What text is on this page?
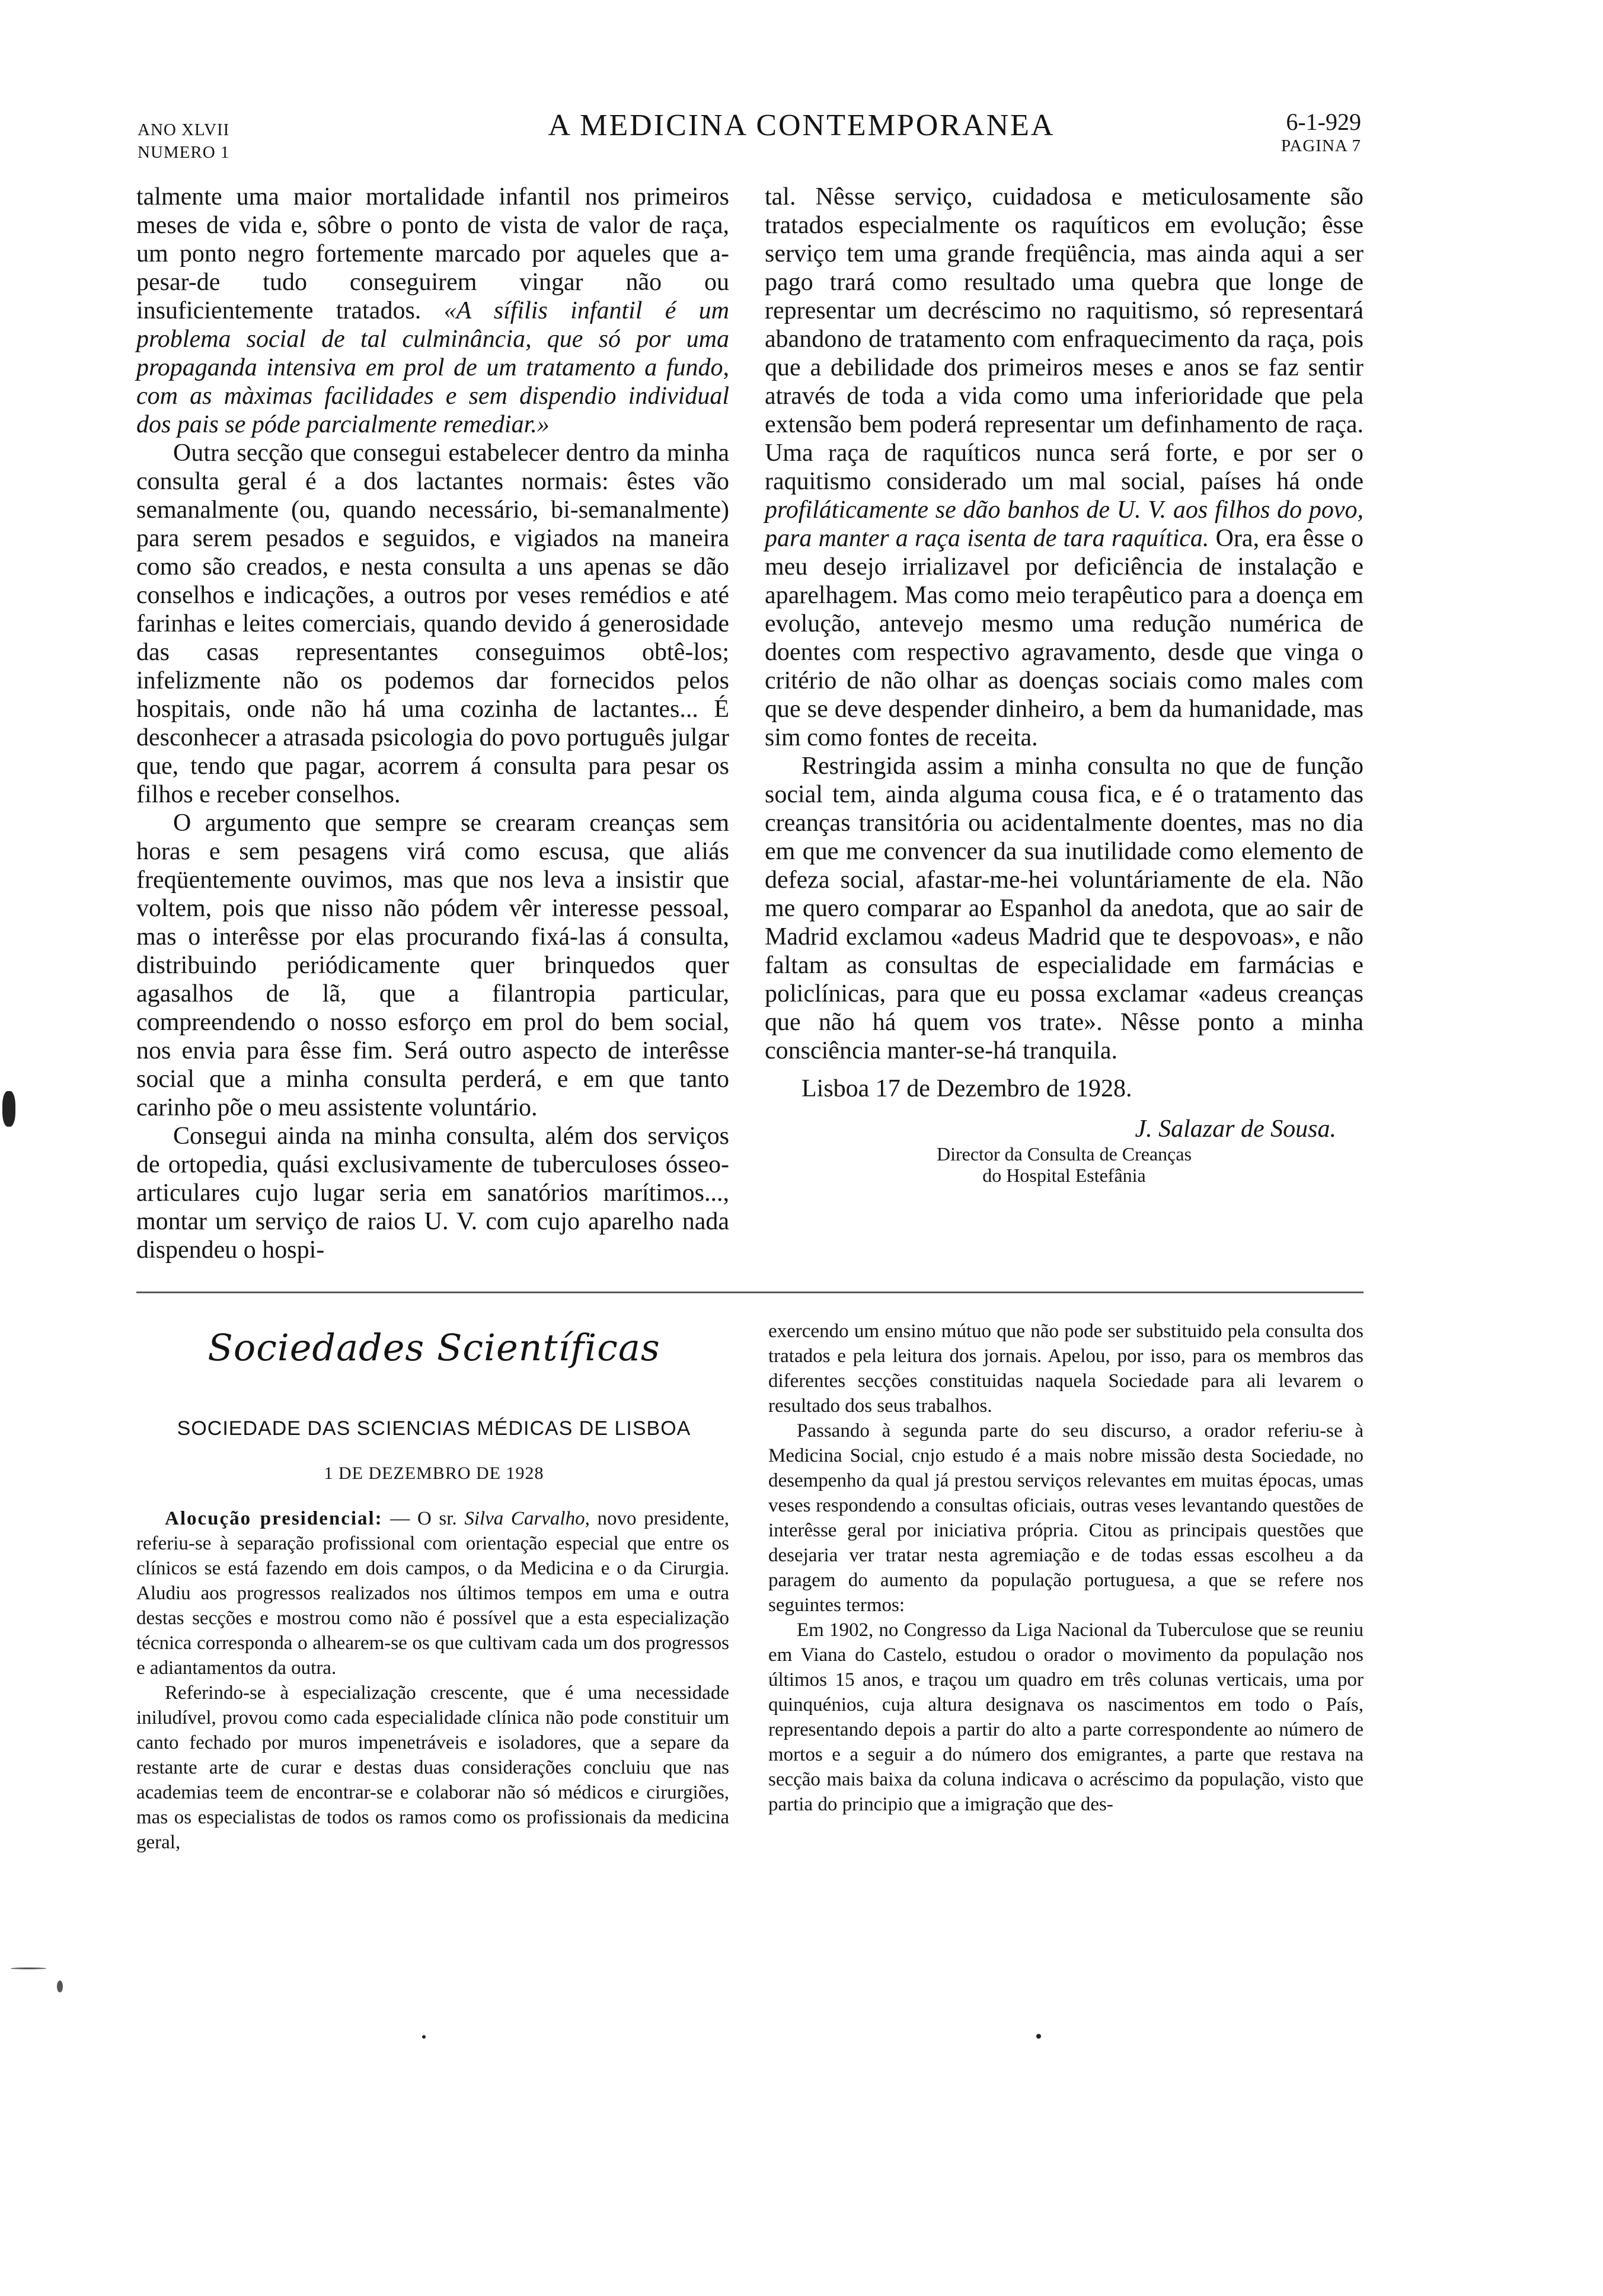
ANO XLVII
NUMERO 1
A MEDICINA CONTEMPORANEA	6-1-929
PAGINA 7

talmente uma maior mortalidade infantil nos primeiros meses de vida e, sôbre o ponto de vista de valor de raça, um ponto negro fortemente marcado por aqueles que a-pesar-de tudo conseguirem vingar não ou insuficientemente tratados. «A sífilis infantil é um problema social de tal culminância, que só por uma propaganda intensiva em prol de um tratamento a fundo, com as màximas facilidades e sem dispendio individual dos pais se póde parcialmente remediar.»

Outra secção que consegui estabelecer dentro da minha consulta geral é a dos lactantes normais: êstes vão semanalmente (ou, quando necessário, bi-semanalmente) para serem pesados e seguidos, e vigiados na maneira como são creados, e nesta consulta a uns apenas se dão conselhos e indicações, a outros por veses remédios e até farinhas e leites comerciais, quando devido á generosidade das casas representantes conseguimos obtê-los; infelizmente não os podemos dar fornecidos pelos hospitais, onde não há uma cozinha de lactantes... É desconhecer a atrasada psicologia do povo português julgar que, tendo que pagar, acorrem á consulta para pesar os filhos e receber conselhos.

O argumento que sempre se crearam creanças sem horas e sem pesagens virá como escusa, que aliás freqüentemente ouvimos, mas que nos leva a insistir que voltem, pois que nisso não pódem vêr interesse pessoal, mas o interêsse por elas procurando fixá-las á consulta, distribuindo periódicamente quer brinquedos quer agasalhos de lã, que a filantropia particular, compreendendo o nosso esforço em prol do bem social, nos envia para êsse fim. Será outro aspecto de interêsse social que a minha consulta perderá, e em que tanto carinho põe o meu assistente voluntário.

Consegui ainda na minha consulta, além dos serviços de ortopedia, quási exclusivamente de tuberculoses ósseo-articulares cujo lugar seria em sanatórios marítimos..., montar um serviço de raios U. V. com cujo aparelho nada dispendeu o hospi-

tal. Nêsse serviço, cuidadosa e meticulosamente são tratados especialmente os raquíticos em evolução; êsse serviço tem uma grande freqüência, mas ainda aqui a ser pago trará como resultado uma quebra que longe de representar um decréscimo no raquitismo, só representará abandono de tratamento com enfraquecimento da raça, pois que a debilidade dos primeiros meses e anos se faz sentir através de toda a vida como uma inferioridade que pela extensão bem poderá representar um definhamento de raça. Uma raça de raquíticos nunca será forte, e por ser o raquitismo considerado um mal social, países há onde profiláticamente se dão banhos de U. V. aos filhos do povo, para manter a raça isenta de tara raquítica. Ora, era êsse o meu desejo irrializavel por deficiência de instalação e aparelhagem. Mas como meio terapêutico para a doença em evolução, antevejo mesmo uma redução numérica de doentes com respectivo agravamento, desde que vinga o critério de não olhar as doenças sociais como males com que se deve despender dinheiro, a bem da humanidade, mas sim como fontes de receita.

Restringida assim a minha consulta no que de função social tem, ainda alguma cousa fica, e é o tratamento das creanças transitória ou acidentalmente doentes, mas no dia em que me convencer da sua inutilidade como elemento de defeza social, afastar-me-hei voluntáriamente de ela. Não me quero comparar ao Espanhol da anedota, que ao sair de Madrid exclamou «adeus Madrid que te despovoas», e não faltam as consultas de especialidade em farmácias e policlínicas, para que eu possa exclamar «adeus creanças que não há quem vos trate». Nêsse ponto a minha consciência manter-se-há tranquila.

Lisboa 17 de Dezembro de 1928.

J. Salazar de Sousa.

Director da Consulta de Creanças

do Hospital Estefânia

Sociedades Scientíficas
SOCIEDADE DAS SCIENCIAS MÉDICAS DE LISBOA
1 DE DEZEMBRO DE 1928

Alocução presidencial: — O sr. Silva Carvalho, novo presidente, referiu-se à separação profissional com orientação especial que entre os clínicos se está fazendo em dois campos, o da Medicina e o da Cirurgia. Aludiu aos progressos realizados nos últimos tempos em uma e outra destas secções e mostrou como não é possível que a esta especialização técnica corresponda o alhearem-se os que cultivam cada um dos progressos e adiantamentos da outra.

Referindo-se à especialização crescente, que é uma necessidade iniludível, provou como cada especialidade clínica não pode constituir um canto fechado por muros impenetráveis e isoladores, que a separe da restante arte de curar e destas duas considerações concluiu que nas academias teem de encontrar-se e colaborar não só médicos e cirurgiões, mas os especialistas de todos os ramos como os profissionais da medicina geral,

exercendo um ensino mútuo que não pode ser substituido pela consulta dos tratados e pela leitura dos jornais. Apelou, por isso, para os membros das diferentes secções constituidas naquela Sociedade para ali levarem o resultado dos seus trabalhos.

Passando à segunda parte do seu discurso, a orador referiu-se à Medicina Social, cnjo estudo é a mais nobre missão desta Sociedade, no desempenho da qual já prestou serviços relevantes em muitas épocas, umas veses respondendo a consultas oficiais, outras veses levantando questões de interêsse geral por iniciativa própria. Citou as principais questões que desejaria ver tratar nesta agremiação e de todas essas escolheu a da paragem do aumento da população portuguesa, a que se refere nos seguintes termos:

Em 1902, no Congresso da Liga Nacional da Tuberculose que se reuniu em Viana do Castelo, estudou o orador o movimento da população nos últimos 15 anos, e traçou um quadro em três colunas verticais, uma por quinquénios, cuja altura designava os nascimentos em todo o País, representando depois a partir do alto a parte correspondente ao número de mortos e a seguir a do número dos emigrantes, a parte que restava na secção mais baixa da coluna indicava o acréscimo da população, visto que partia do principio que a imigração que des-
